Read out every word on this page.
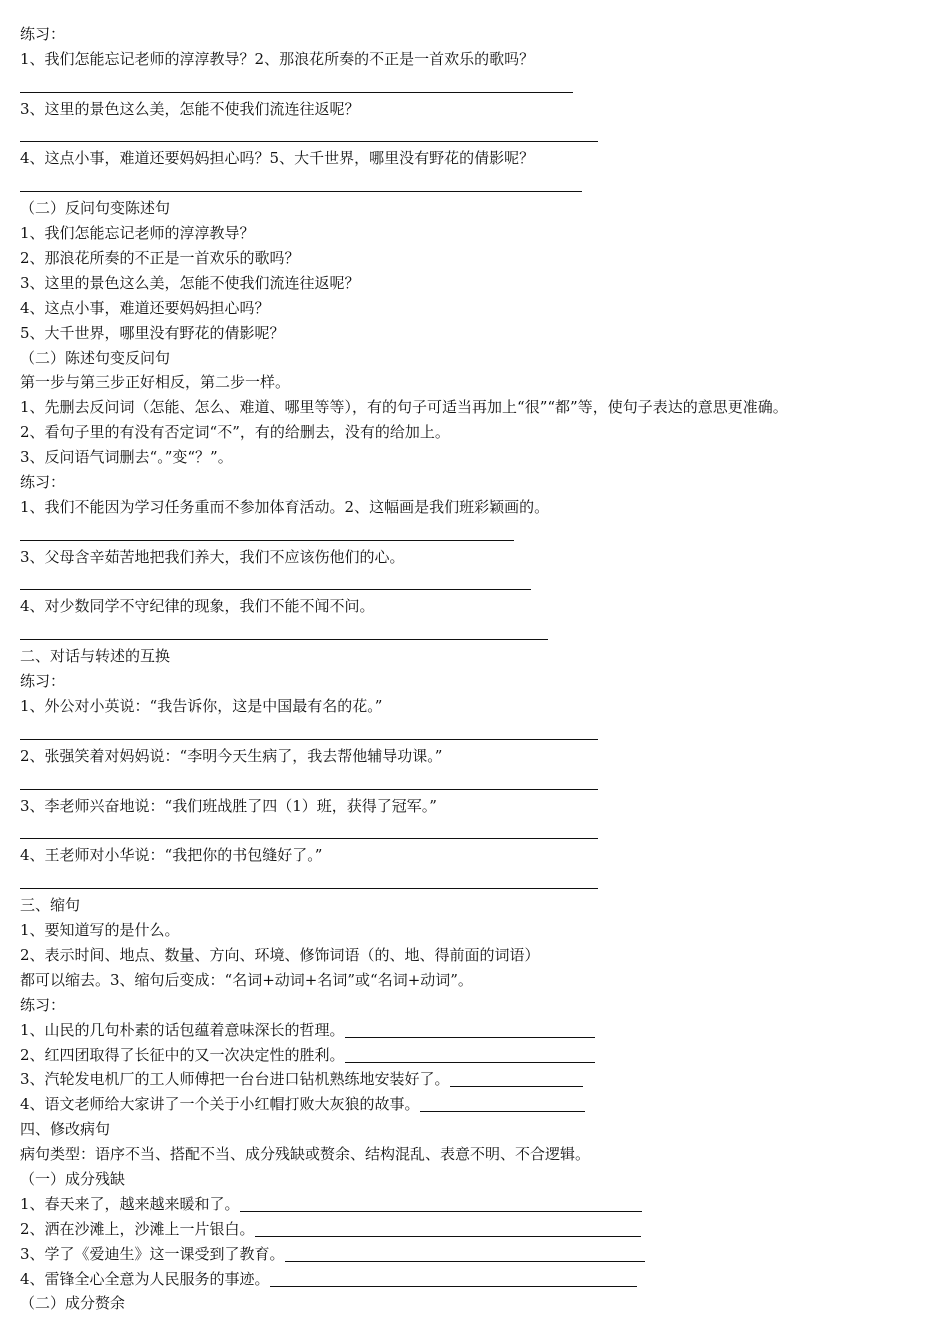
练习：
1、我们怎能忘记老师的淳淳教导？2、那浪花所奏的不正是一首欢乐的歌吗？
3、这里的景色这么美，怎能不使我们流连往返呢？
4、这点小事，难道还要妈妈担心吗？5、大千世界，哪里没有野花的倩影呢？
（二）反问句变陈述句
1、我们怎能忘记老师的淳淳教导？
2、那浪花所奏的不正是一首欢乐的歌吗？
3、这里的景色这么美，怎能不使我们流连往返呢？
4、这点小事，难道还要妈妈担心吗？
5、大千世界，哪里没有野花的倩影呢？
（二）陈述句变反问句
第一步与第三步正好相反，第二步一样。
1、先删去反问词（怎能、怎么、难道、哪里等等），有的句子可适当再加上“很”“都”等，使句子表达的意思更准确。
2、看句子里的有没有否定词“不”，有的给删去，没有的给加上。
3、反问语气词删去“。”变“？”。
练习：
1、我们不能因为学习任务重而不参加体育活动。2、这幅画是我们班彩颖画的。
3、父母含辛茹苦地把我们养大，我们不应该伤他们的心。
4、对少数同学不守纪律的现象，我们不能不闻不问。
二、对话与转述的互换
练习：
1、外公对小英说：“我告诉你，这是中国最有名的花。”
2、张强笑着对妈妈说：“李明今天生病了，我去帮他辅导功课。”
3、李老师兴奋地说：“我们班战胜了四（1）班，获得了冠军。”
4、王老师对小华说：“我把你的书包缝好了。”
三、缩句
1、要知道写的是什么。
2、表示时间、地点、数量、方向、环境、修饰词语（的、地、得前面的词语）
都可以缩去。3、缩句后变成：“名词+动词+名词”或“名词+动词”。
练习：
1、山民的几句朴素的话包蕴着意味深长的哲理。
2、红四团取得了长征中的又一次决定性的胜利。
3、汽轮发电机厂的工人师傅把一台台进口钻机熟练地安装好了。
4、语文老师给大家讲了一个关于小红帽打败大灰狼的故事。
四、修改病句
病句类型：语序不当、搭配不当、成分残缺或赘余、结构混乱、表意不明、不合逻辑。
（一）成分残缺
1、春天来了，越来越来暖和了。
2、洒在沙滩上，沙滩上一片银白。
3、学了《爱迪生》这一课受到了教育。
4、雷锋全心全意为人民服务的事迹。
（二）成分赘余
